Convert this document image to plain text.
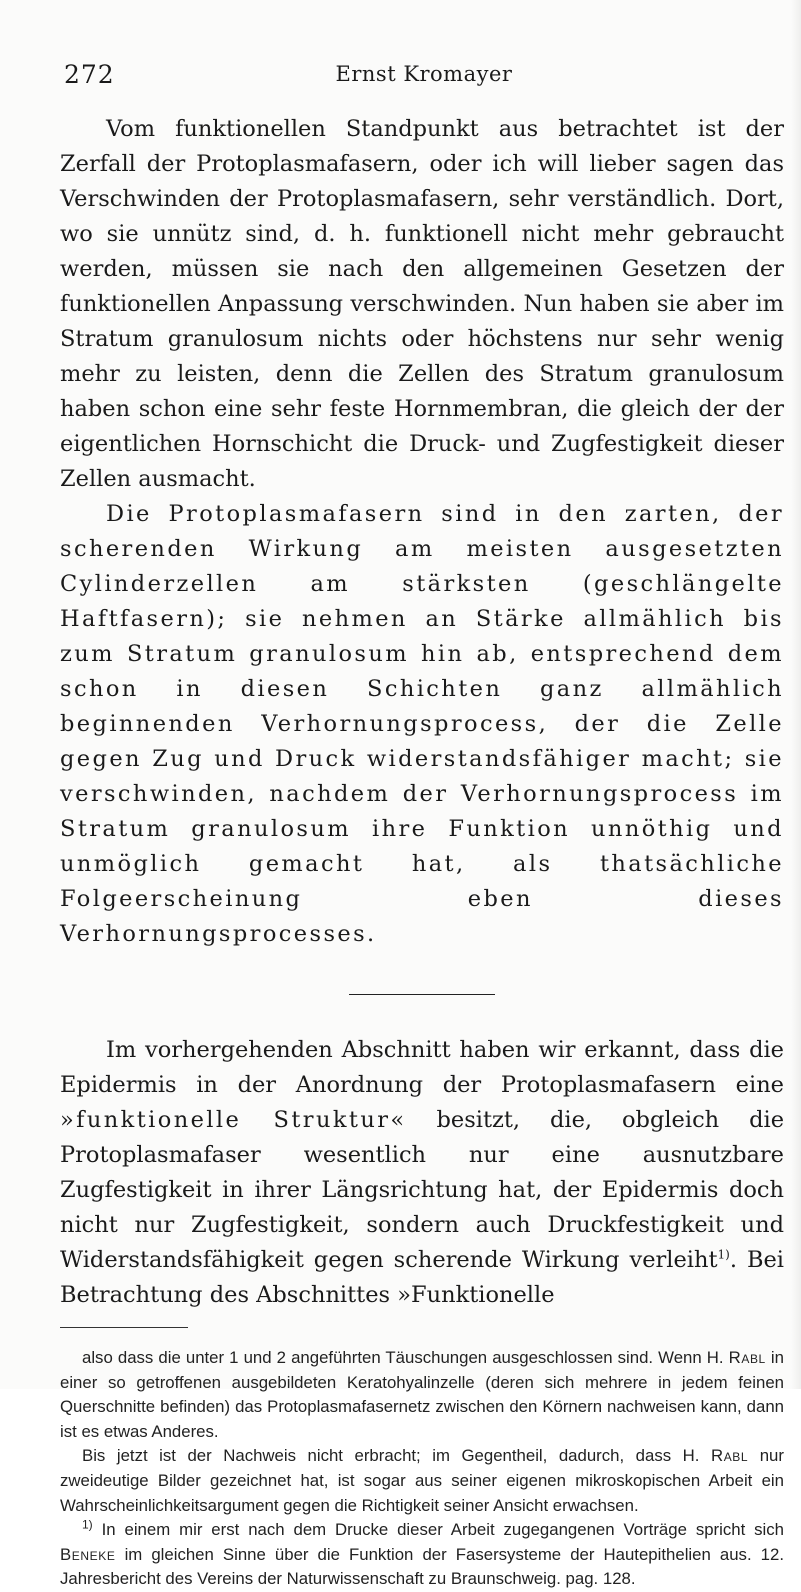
272	Ernst Kromayer

Vom funktionellen Standpunkt aus betrachtet ist der Zerfall der Protoplasmafasern, oder ich will lieber sagen das Verschwinden der Protoplasmafasern, sehr verständlich. Dort, wo sie unnütz sind, d. h. funktionell nicht mehr gebraucht werden, müssen sie nach den allgemeinen Gesetzen der funktionellen Anpassung verschwinden. Nun haben sie aber im Stratum granulosum nichts oder höchstens nur sehr wenig mehr zu leisten, denn die Zellen des Stratum granulosum haben schon eine sehr feste Hornmembran, die gleich der der eigentlichen Hornschicht die Druck- und Zugfestigkeit dieser Zellen ausmacht.

Die Protoplasmafasern sind in den zarten, der scherenden Wirkung am meisten ausgesetzten Cylinderzellen am stärksten (geschlängelte Haftfasern); sie nehmen an Stärke allmählich bis zum Stratum granulosum hin ab, entsprechend dem schon in diesen Schichten ganz allmählich beginnenden Verhornungsprocess, der die Zelle gegen Zug und Druck widerstandsfähiger macht; sie verschwinden, nachdem der Verhornungsprocess im Stratum granulosum ihre Funktion unnöthig und unmöglich gemacht hat, als thatsächliche Folgeerscheinung eben dieses Verhornungsprocesses.

Im vorhergehenden Abschnitt haben wir erkannt, dass die Epidermis in der Anordnung der Protoplasmafasern eine »funktionelle Struktur« besitzt, die, obgleich die Protoplasmafaser wesentlich nur eine ausnutzbare Zugfestigkeit in ihrer Längsrichtung hat, der Epidermis doch nicht nur Zugfestigkeit, sondern auch Druckfestigkeit und Widerstandsfähigkeit gegen scherende Wirkung verleiht$^{1)}$. Bei Betrachtung des Abschnittes »Funktionelle

also dass die unter 1 und 2 angeführten Täuschungen ausgeschlossen sind. Wenn H. Rabl in einer so getroffenen ausgebildeten Keratohyalinzelle (deren sich mehrere in jedem feinen Querschnitte befinden) das Protoplasmafasernetz zwischen den Körnern nachweisen kann, dann ist es etwas Anderes.

Bis jetzt ist der Nachweis nicht erbracht; im Gegentheil, dadurch, dass H. Rabl nur zweideutige Bilder gezeichnet hat, ist sogar aus seiner eigenen mikroskopischen Arbeit ein Wahrscheinlichkeitsargument gegen die Richtigkeit seiner Ansicht erwachsen.

$^{1)}$ In einem mir erst nach dem Drucke dieser Arbeit zugegangenen Vorträge spricht sich Beneke im gleichen Sinne über die Funktion der Fasersysteme der Hautepithelien aus. 12. Jahresbericht des Vereins der Naturwissenschaft zu Braunschweig. pag. 128.
